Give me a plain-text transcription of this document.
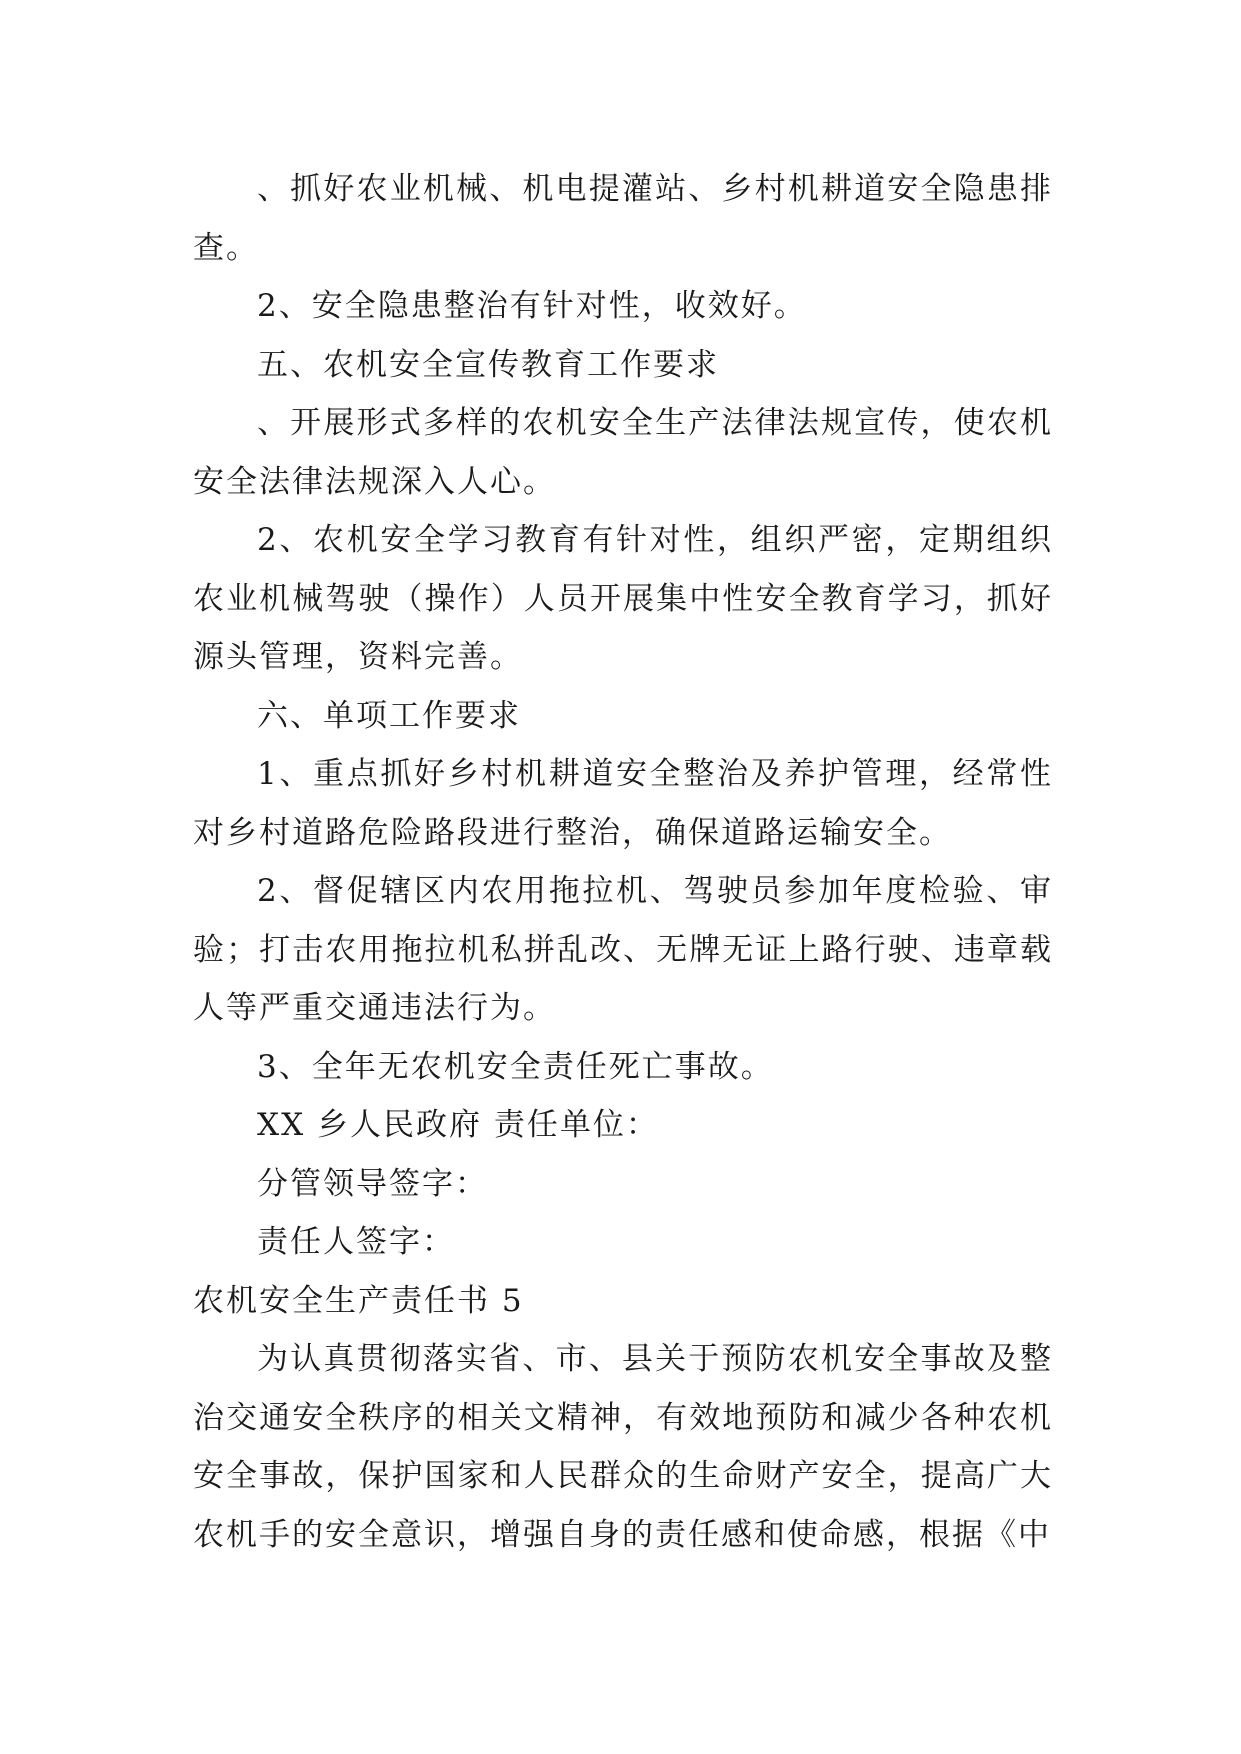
、抓好农业机械、机电提灌站、乡村机耕道安全隐患排查。

2、安全隐患整治有针对性，收效好。

五、农机安全宣传教育工作要求

、开展形式多样的农机安全生产法律法规宣传，使农机安全法律法规深入人心。

2、农机安全学习教育有针对性，组织严密，定期组织农业机械驾驶（操作）人员开展集中性安全教育学习，抓好源头管理，资料完善。

六、单项工作要求

1、重点抓好乡村机耕道安全整治及养护管理，经常性对乡村道路危险路段进行整治，确保道路运输安全。

2、督促辖区内农用拖拉机、驾驶员参加年度检验、审验；打击农用拖拉机私拼乱改、无牌无证上路行驶、违章载人等严重交通违法行为。

3、全年无农机安全责任死亡事故。

XX 乡人民政府 责任单位：

分管领导签字：

责任人签字：

农机安全生产责任书 5

为认真贯彻落实省、市、县关于预防农机安全事故及整治交通安全秩序的相关文精神，有效地预防和减少各种农机安全事故，保护国家和人民群众的生命财产安全，提高广大农机手的安全意识，增强自身的责任感和使命感，根据《中
